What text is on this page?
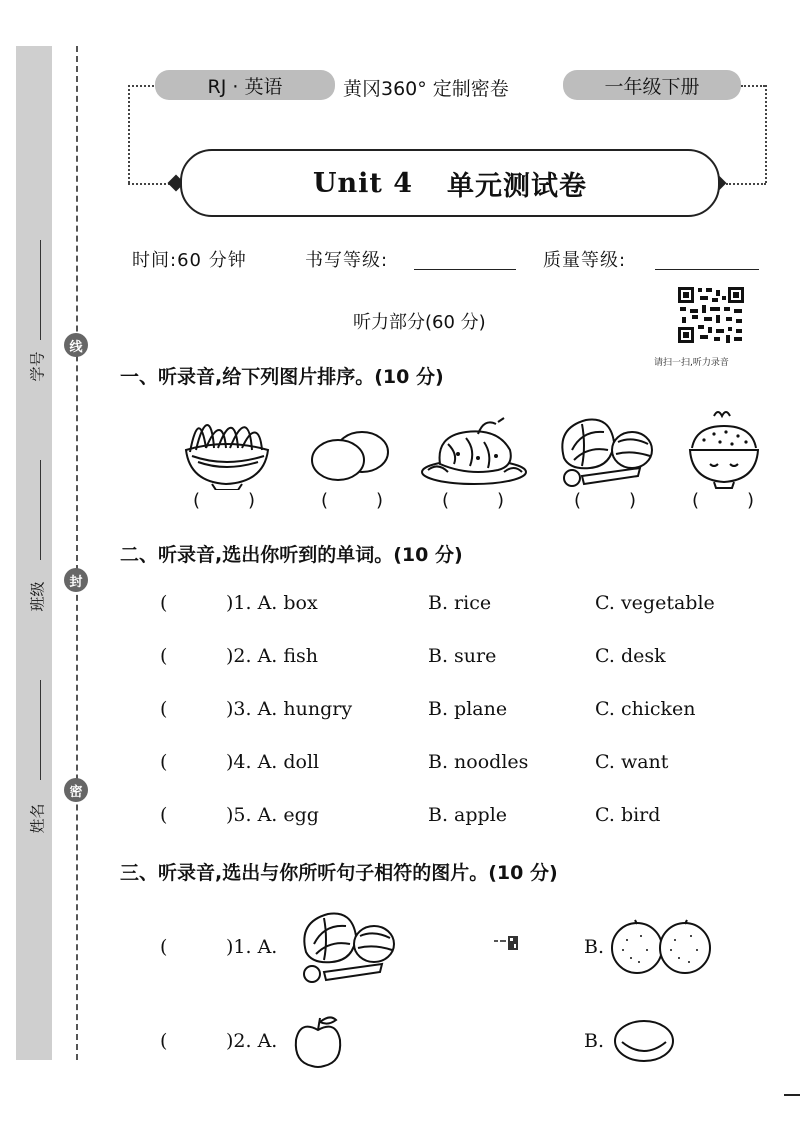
线
封
密
学号
班级
姓名
RJ · 英语	黄冈360° 定制密卷	一年级下册
Unit 4 单元测试卷
时间:60 分钟	书写等级:	质量等级:
听力部分(60 分)
请扫一扫,听力录音
一、听录音,给下列图片排序。(10 分)
(	)	(	)	(	)	(	)	(	)
二、听录音,选出你听到的单词。(10 分)
(	)1. A. box	B. rice	C. vegetable
(	)2. A. fish	B. sure	C. desk
(	)3. A. hungry	B. plane	C. chicken
(	)4. A. doll	B. noodles	C. want
(	)5. A. egg	B. apple	C. bird
三、听录音,选出与你所听句子相符的图片。(10 分)
(	)1. A.	B.
(	)2. A.	B.
